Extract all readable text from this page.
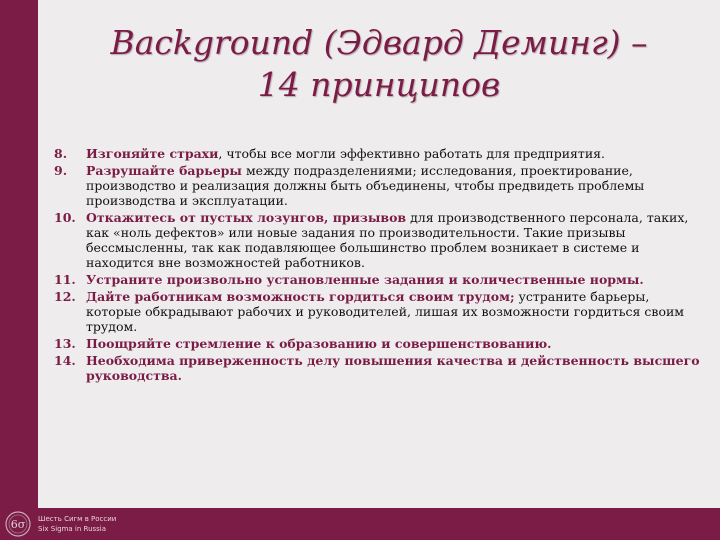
Background (Эдвард Деминг) –
14 принципов
8. Изгоняйте страхи, чтобы все могли эффективно работать для предприятия.
9. Разрушайте барьеры между подразделениями; исследования, проектирование, производство и реализация должны быть объединены, чтобы предвидеть проблемы производства и эксплуатации.
10. Откажитесь от пустых лозунгов, призывов для производственного персонала, таких, как «ноль дефектов» или новые задания по производительности. Такие призывы бессмысленны, так как подавляющее большинство проблем возникает в системе и находится вне возможностей работников.
11. Устраните произвольно установленные задания и количественные нормы.
12. Дайте работникам возможность гордиться своим трудом; устраните барьеры, которые обкрадывают рабочих и руководителей, лишая их возможности гордиться своим трудом.
13. Поощряйте стремление к образованию и совершенствованию.
14. Необходима приверженность делу повышения качества и действенность высшего руководства.
6σ Шесть Сигм в России
Six Sigma in Russia
